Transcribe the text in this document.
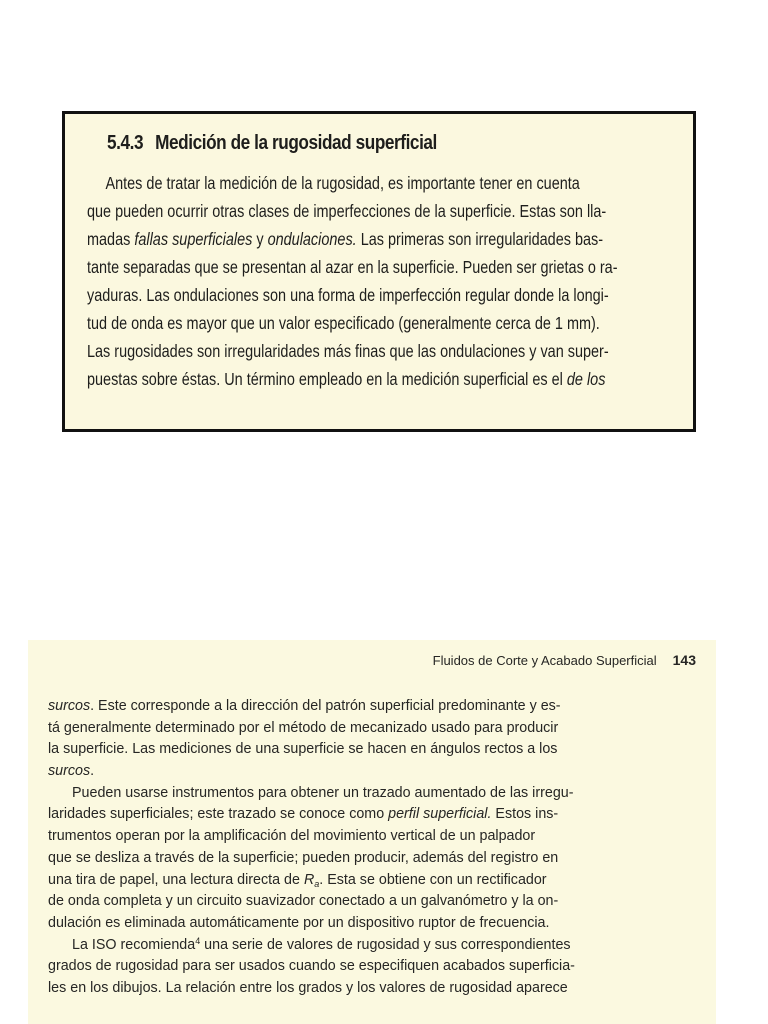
5.4.3 Medición de la rugosidad superficial
Antes de tratar la medición de la rugosidad, es importante tener en cuenta
que pueden ocurrir otras clases de imperfecciones de la superficie. Estas son lla-
madas fallas superficiales y ondulaciones. Las primeras son irregularidades bas-
tante separadas que se presentan al azar en la superficie. Pueden ser grietas o ra-
yaduras. Las ondulaciones son una forma de imperfección regular donde la longi-
tud de onda es mayor que un valor especificado (generalmente cerca de 1 mm).
Las rugosidades son irregularidades más finas que las ondulaciones y van super-
puestas sobre éstas. Un término empleado en la medición superficial es el de los
Fluidos de Corte y Acabado Superficial 143
surcos. Este corresponde a la dirección del patrón superficial predominante y es-
tá generalmente determinado por el método de mecanizado usado para producir
la superficie. Las mediciones de una superficie se hacen en ángulos rectos a los
surcos.
Pueden usarse instrumentos para obtener un trazado aumentado de las irregu-
laridades superficiales; este trazado se conoce como perfil superficial. Estos ins-
trumentos operan por la amplificación del movimiento vertical de un palpador
que se desliza a través de la superficie; pueden producir, además del registro en
una tira de papel, una lectura directa de $R_a$. Esta se obtiene con un rectificador
de onda completa y un circuito suavizador conectado a un galvanómetro y la on-
dulación es eliminada automáticamente por un dispositivo ruptor de frecuencia.
La ISO recomienda$^4$ una serie de valores de rugosidad y sus correspondientes
grados de rugosidad para ser usados cuando se especifiquen acabados superficia-
les en los dibujos. La relación entre los grados y los valores de rugosidad aparece
